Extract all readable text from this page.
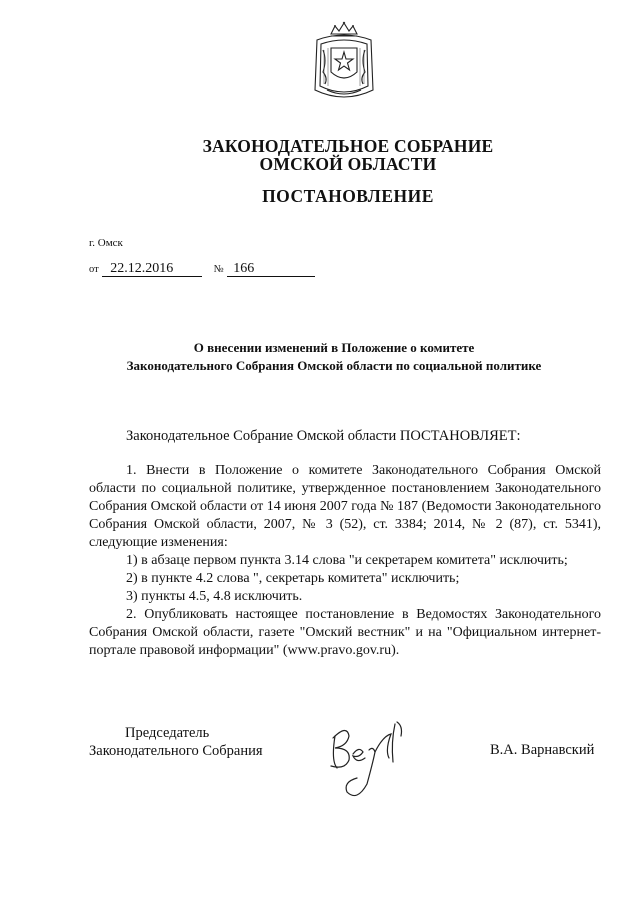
ЗАКОНОДАТЕЛЬНОЕ СОБРАНИЕ
ОМСКОЙ ОБЛАСТИ
ПОСТАНОВЛЕНИЕ
г. Омск
от 22.12.2016	№ 166
О внесении изменений в Положение о комитете
Законодательного Собрания Омской области по социальной политике
Законодательное Собрание Омской области ПОСТАНОВЛЯЕТ:

1. Внести в Положение о комитете Законодательного Собрания Омской области по социальной политике, утвержденное постановлением Законодательного Собрания Омской области от 14 июня 2007 года № 187 (Ведомости Законодательного Собрания Омской области, 2007, № 3 (52), ст. 3384; 2014, № 2 (87), ст. 5341), следующие изменения:

1) в абзаце первом пункта 3.14 слова "и секретарем комитета" исключить;

2) в пункте 4.2 слова ", секретарь комитета" исключить;

3) пункты 4.5, 4.8 исключить.

2. Опубликовать настоящее постановление в Ведомостях Законодательного Собрания Омской области, газете "Омский вестник" и на "Официальном интернет-портале правовой информации" (www.pravo.gov.ru).

Председатель
Законодательного Собрания	В.А. Варнавский
